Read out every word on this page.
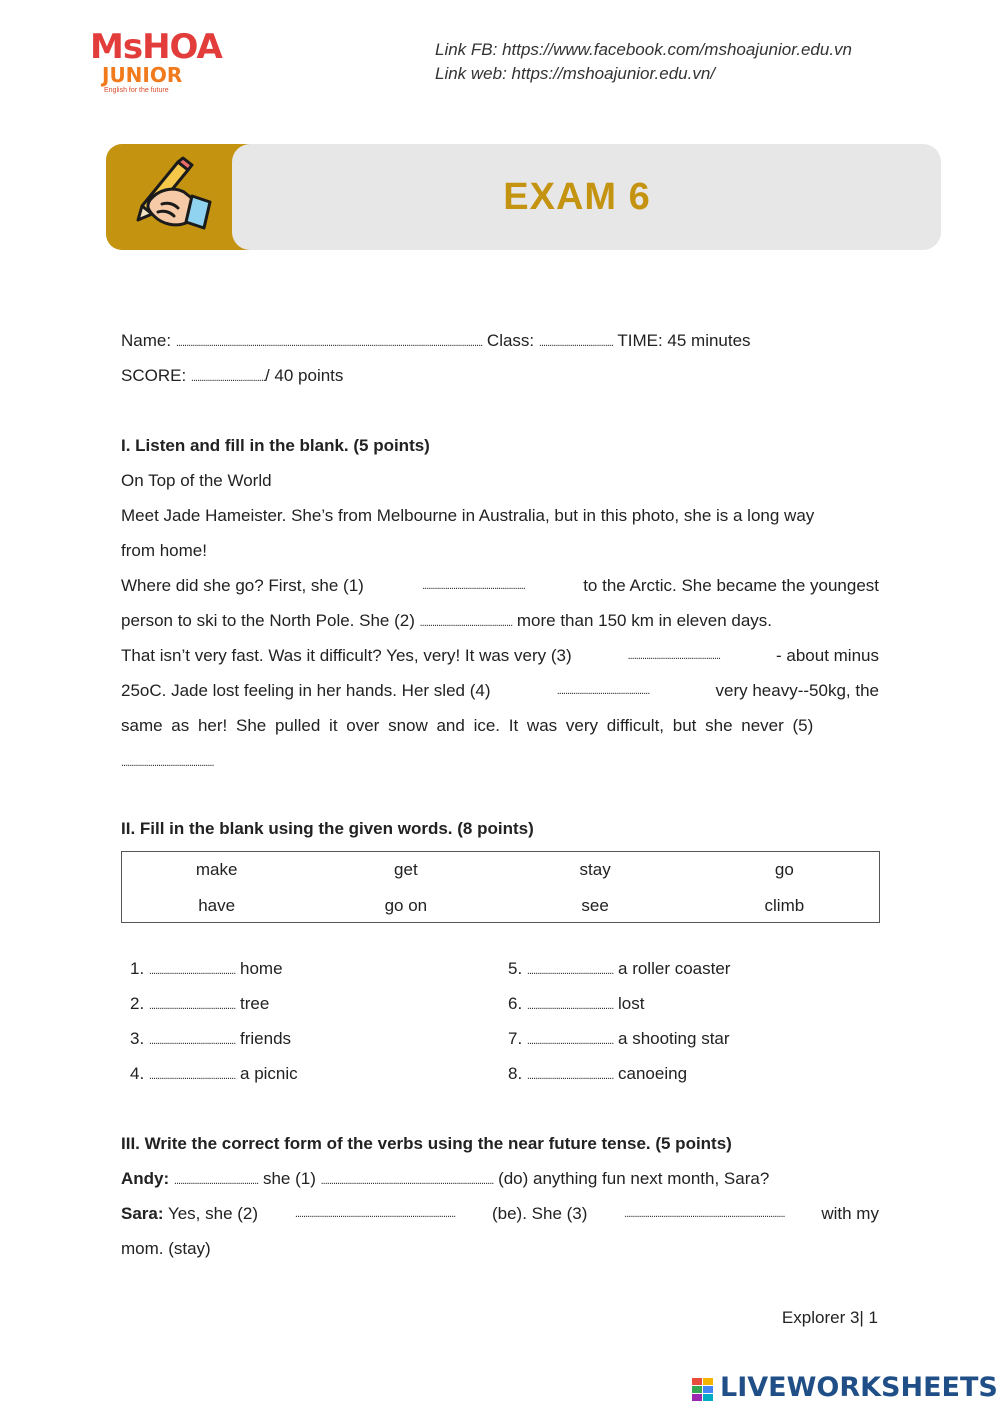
MsHOA
JUNIOR
English for the future
Link FB: https://www.facebook.com/mshoajunior.edu.vn
Link web: https://mshoajunior.edu.vn/
EXAM 6
Name: ..................................................................................................................................................... Class: .................................... TIME: 45 minutes
SCORE: ..................................../ 40 points
I. Listen and fill in the blank. (5 points)
On Top of the World
Meet Jade Hameister. She’s from Melbourne in Australia, but in this photo, she is a long way
from home!
Where did she go? First, she (1)	..................................................	to the Arctic. She became the youngest
person to ski to the North Pole. She (2) ............................................. more than 150 km in eleven days.
That isn’t very fast. Was it difficult? Yes, very! It was very (3)	.............................................	- about minus
25oC. Jade lost feeling in her hands. Her sled (4)	.............................................	very heavy--50kg, the
same as her! She pulled it over snow and ice. It was very difficult, but she never (5)
.............................................
II. Fill in the blank using the given words. (8 points)
make	get	stay	go
have	go on	see	climb
1. .......................................... home
2. .......................................... tree
3. .......................................... friends
4. .......................................... a picnic
5. .......................................... a roller coaster
6. .......................................... lost
7. .......................................... a shooting star
8. .......................................... canoeing
III. Write the correct form of the verbs using the near future tense. (5 points)
Andy: ......................................... she (1) .................................................................................... (do) anything fun next month, Sara?
Sara: Yes, she (2)	.............................................................................. (be). She (3)	.............................................................................. with my
mom. (stay)
Explorer 3| 1
LIVEWORKSHEETS
